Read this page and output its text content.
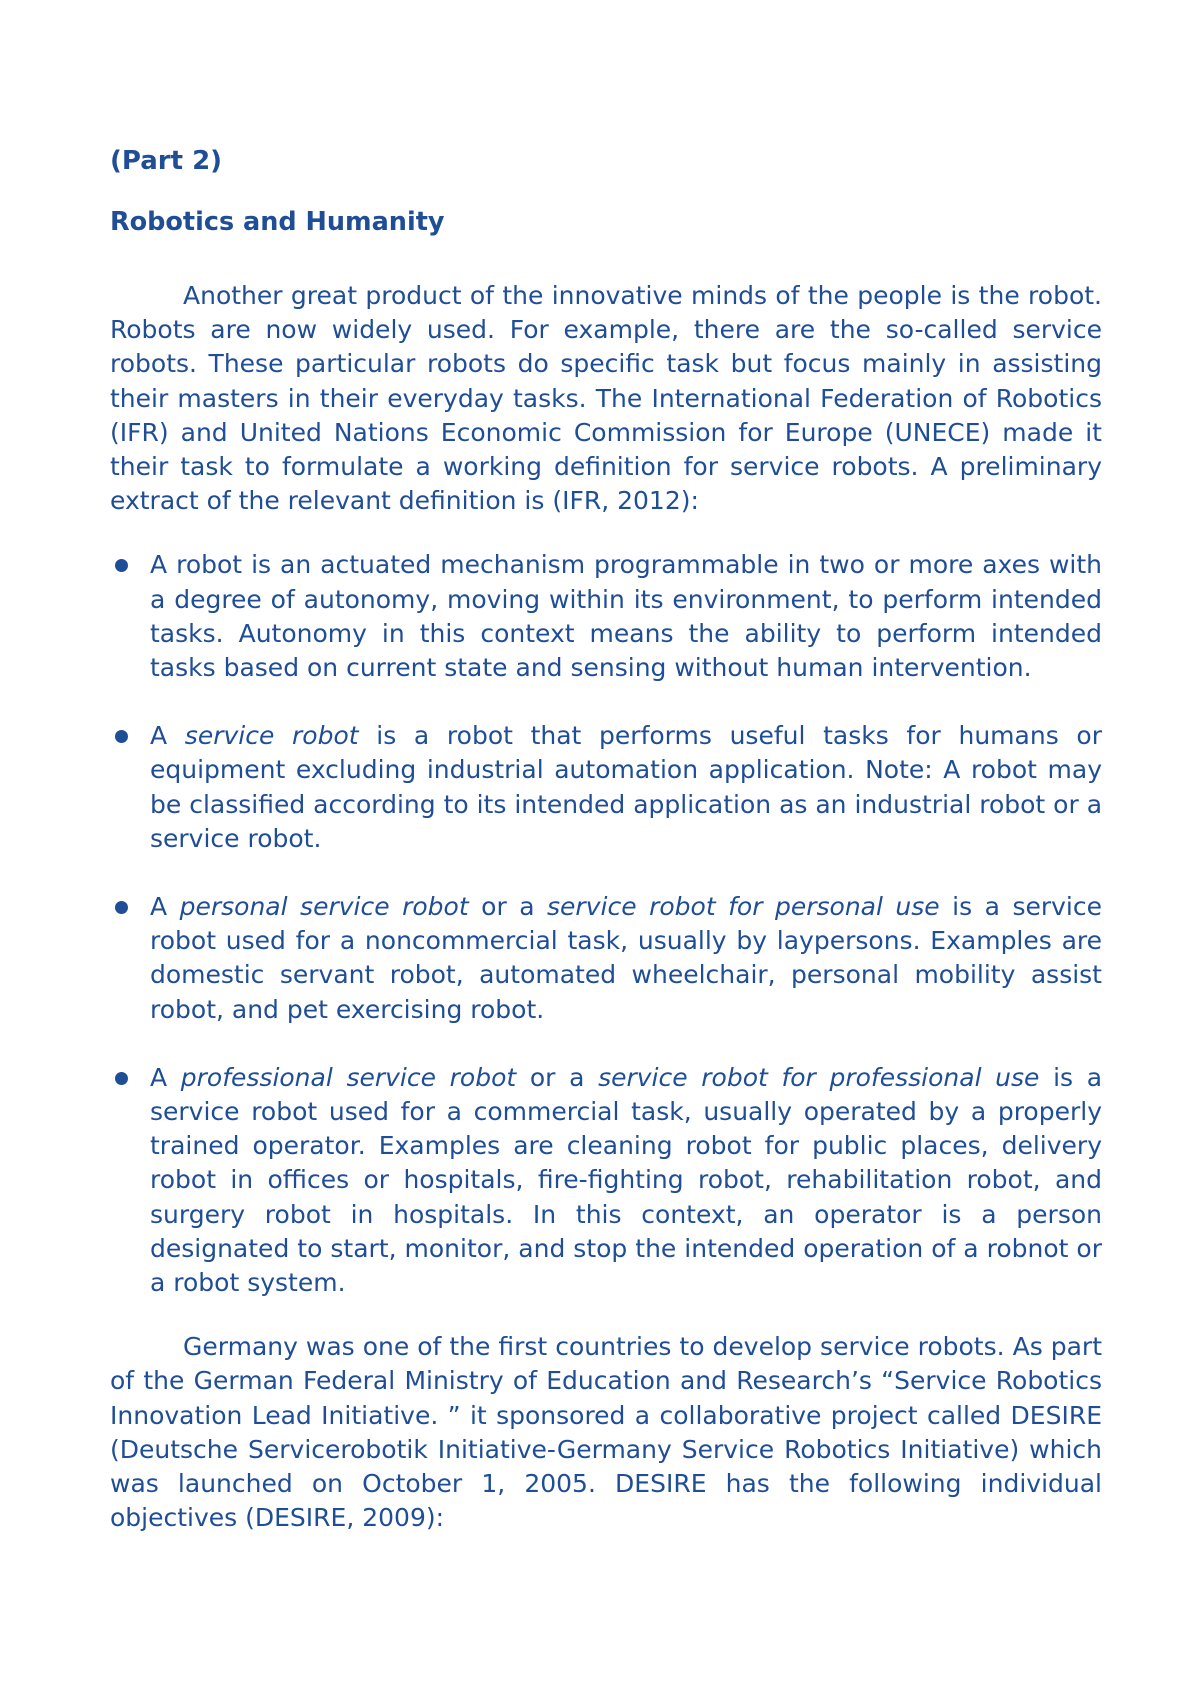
(Part 2)
Robotics and Humanity

Another great product of the innovative minds of the people is the robot. Robots are now widely used. For example, there are the so-called service robots. These particular robots do specific task but focus mainly in assisting their masters in their everyday tasks. The International Federation of Robotics (IFR) and United Nations Economic Commission for Europe (UNECE) made it their task to formulate a working definition for service robots. A preliminary extract of the relevant definition is (IFR, 2012):

A robot is an actuated mechanism programmable in two or more axes with a degree of autonomy, moving within its environment, to perform intended tasks. Autonomy in this context means the ability to perform intended tasks based on current state and sensing without human intervention.
A service robot is a robot that performs useful tasks for humans or equipment excluding industrial automation application. Note: A robot may be classified according to its intended application as an industrial robot or a service robot.
A personal service robot or a service robot for personal use is a service robot used for a noncommercial task, usually by laypersons. Examples are domestic servant robot, automated wheelchair, personal mobility assist robot, and pet exercising robot.
A professional service robot or a service robot for professional use is a service robot used for a commercial task, usually operated by a properly trained operator. Examples are cleaning robot for public places, delivery robot in offices or hospitals, fire-fighting robot, rehabilitation robot, and surgery robot in hospitals. In this context, an operator is a person designated to start, monitor, and stop the intended operation of a robnot or a robot system.

Germany was one of the first countries to develop service robots. As part of the German Federal Ministry of Education and Research’s “Service Robotics Innovation Lead Initiative. ” it sponsored a collaborative project called DESIRE (Deutsche Servicerobotik Initiative-Germany Service Robotics Initiative) which was launched on October 1, 2005. DESIRE has the following individual objectives (DESIRE, 2009):
